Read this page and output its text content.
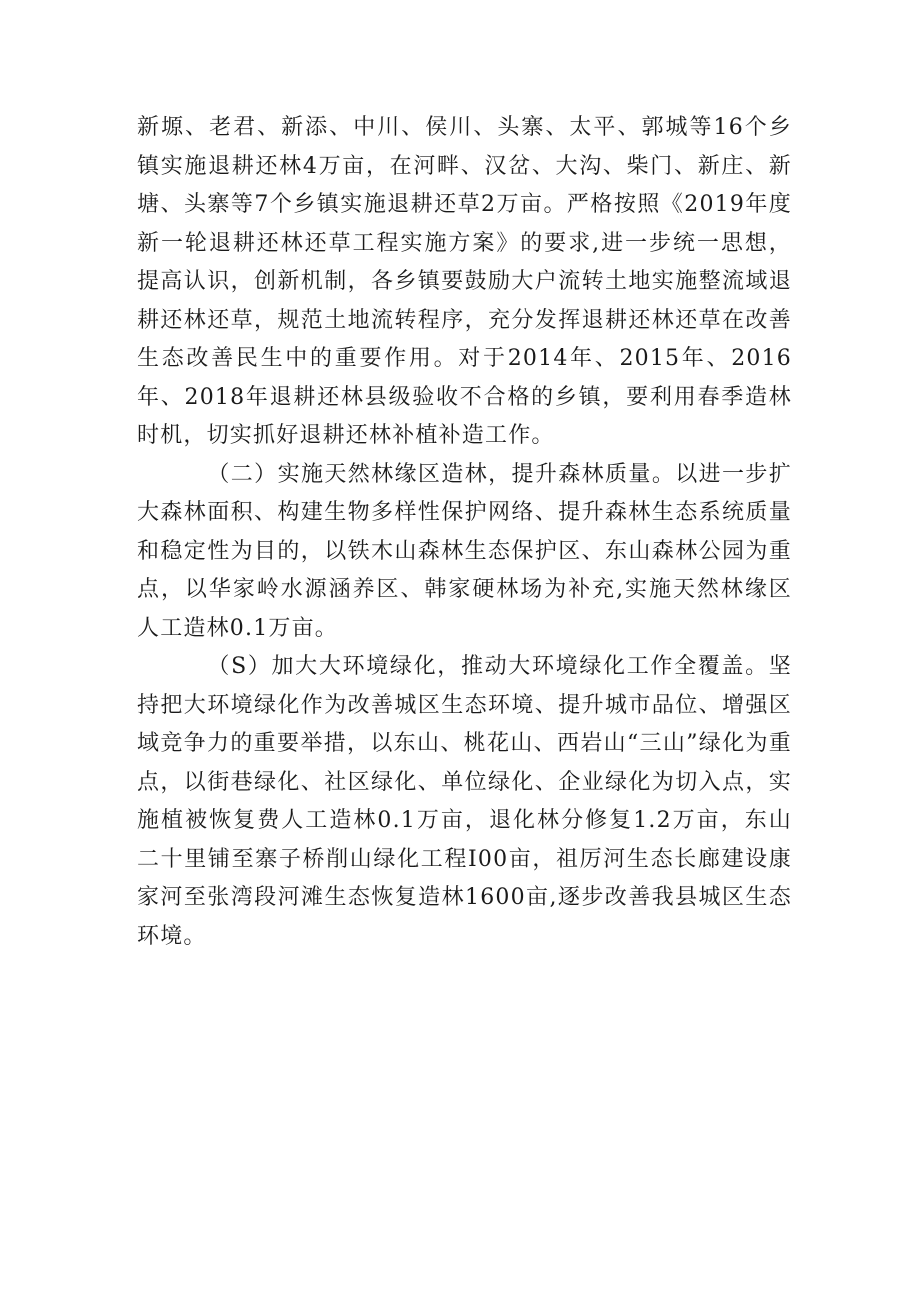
新塬、老君、新添、中川、侯川、头寨、太平、郭城等16个乡镇实施退耕还林4万亩，在河畔、汉岔、大沟、柴门、新庄、新塘、头寨等7个乡镇实施退耕还草2万亩。严格按照《2019年度新一轮退耕还林还草工程实施方案》的要求,进一步统一思想，提高认识，创新机制，各乡镇要鼓励大户流转土地实施整流域退耕还林还草，规范土地流转程序，充分发挥退耕还林还草在改善生态改善民生中的重要作用。对于2014年、2015年、2016年、2018年退耕还林县级验收不合格的乡镇，要利用春季造林时机，切实抓好退耕还林补植补造工作。

（二）实施天然林缘区造林，提升森林质量。以进一步扩大森林面积、构建生物多样性保护网络、提升森林生态系统质量和稳定性为目的，以铁木山森林生态保护区、东山森林公园为重点，以华家岭水源涵养区、韩家硬林场为补充,实施天然林缘区人工造林0.1万亩。

（S）加大大环境绿化，推动大环境绿化工作全覆盖。坚持把大环境绿化作为改善城区生态环境、提升城市品位、增强区域竞争力的重要举措，以东山、桃花山、西岩山“三山”绿化为重点，以街巷绿化、社区绿化、单位绿化、企业绿化为切入点，实施植被恢复费人工造林0.1万亩，退化林分修复1.2万亩，东山二十里铺至寨子桥削山绿化工程I00亩，祖厉河生态长廊建设康家河至张湾段河滩生态恢复造林1600亩,逐步改善我县城区生态环境。
